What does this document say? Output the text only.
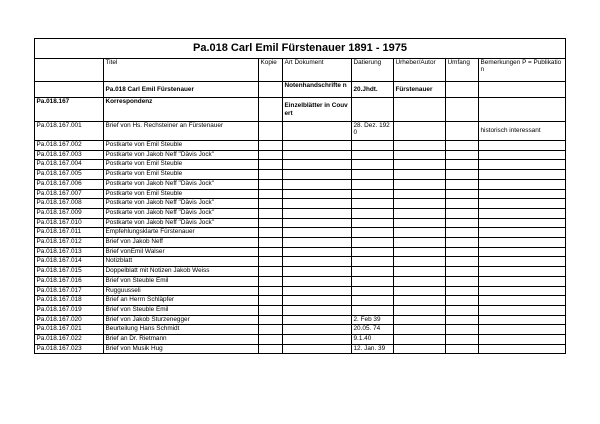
Pa.018 Carl Emil Fürstenauer 1891 - 1975							
	Titel	Kopie	Art Dokument	Datierung	Urheber/Autor	Umfang	Bemerkungen P = Publikation
	Pa.018 Carl Emil Fürstenauer		Notenhandschrifte n	20.Jhdt.	Fürstenauer		
Pa.018.167	Korrespondenz		Einzelblätter in Couvert				
Pa.018.167.001	Brief von Hs. Rechsteiner an Fürstenauer			28. Dez. 1920			historisch interessant
Pa.018.167.002	Postkarte von Emil Steuble						
Pa.018.167.003	Postkarte von Jakob Neff "Dävis Jock"						
Pa.018.167.004	Postkarte von Emil Steuble						
Pa.018.167.005	Postkarte von Emil Steuble						
Pa.018.167.006	Postkarte von Jakob Neff "Dävis Jock"						
Pa.018.167.007	Postkarte von Emil Steuble						
Pa.018.167.008	Postkarte von Jakob Neff "Dävis Jock"						
Pa.018.167.009	Postkarte von Jakob Neff "Dävis Jock"						
Pa.018.167.010	Postkarte von Jakob Neff "Dävis Jock"						
Pa.018.167.011	Empfehlungsklarte Fürstenauer						
Pa.018.167.012	Brief von Jakob Neff						
Pa.018.167.013	Brief vonEmil Walser						
Pa.018.167.014	Notizblatt						
Pa.018.167.015	Doppelblatt mit Notizen Jakob Weiss						
Pa.018.167.016	Brief von Steuble Emil						
Pa.018.167.017	Rugguusseli						
Pa.018.167.018	Brief an Herrn Schläpfer						
Pa.018.167.019	Brief von Steuble Emil						
Pa.018.167.020	Brief von Jakob Sturzenegger			2. Feb 39			
Pa.018.167.021	Beurteilung Hans Schmidt			20.05. 74			
Pa.018.167.022	Brief an Dr. Rietmann			9.1.40			
Pa.018.167.023	Brief von Musik Hug			12. Jan. 39			
